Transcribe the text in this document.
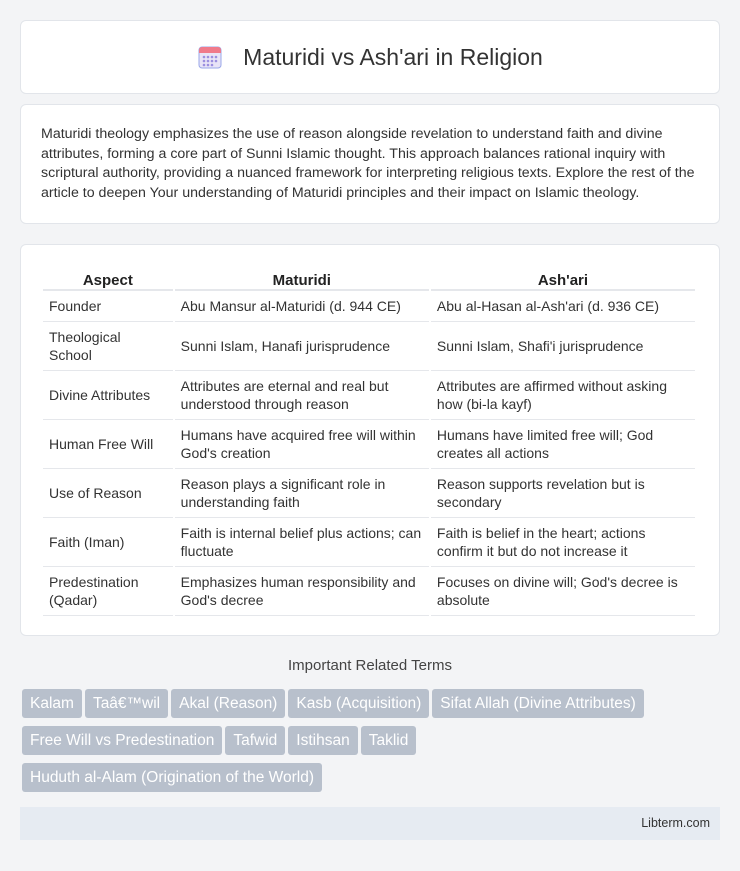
Maturidi vs Ash'ari in Religion

Maturidi theology emphasizes the use of reason alongside revelation to understand faith and divine attributes, forming a core part of Sunni Islamic thought. This approach balances rational inquiry with scriptural authority, providing a nuanced framework for interpreting religious texts. Explore the rest of the article to deepen Your understanding of Maturidi principles and their impact on Islamic theology.

Aspect	Maturidi	Ash'ari
Founder	Abu Mansur al-Maturidi (d. 944 CE)	Abu al-Hasan al-Ash'ari (d. 936 CE)
Theological School	Sunni Islam, Hanafi jurisprudence	Sunni Islam, Shafi'i jurisprudence
Divine Attributes	Attributes are eternal and real but understood through reason	Attributes are affirmed without asking how (bi-la kayf)
Human Free Will	Humans have acquired free will within God's creation	Humans have limited free will; God creates all actions
Use of Reason	Reason plays a significant role in understanding faith	Reason supports revelation but is secondary
Faith (Iman)	Faith is internal belief plus actions; can fluctuate	Faith is belief in the heart; actions confirm it but do not increase it
Predestination (Qadar)	Emphasizes human responsibility and God's decree	Focuses on divine will; God's decree is absolute
Important Related Terms
Kalam Taâ€™wil Akal (Reason) Kasb (Acquisition) Sifat Allah (Divine Attributes)
Free Will vs Predestination Tafwid Istihsan Taklid
Huduth al-Alam (Origination of the World)
Libterm.com
